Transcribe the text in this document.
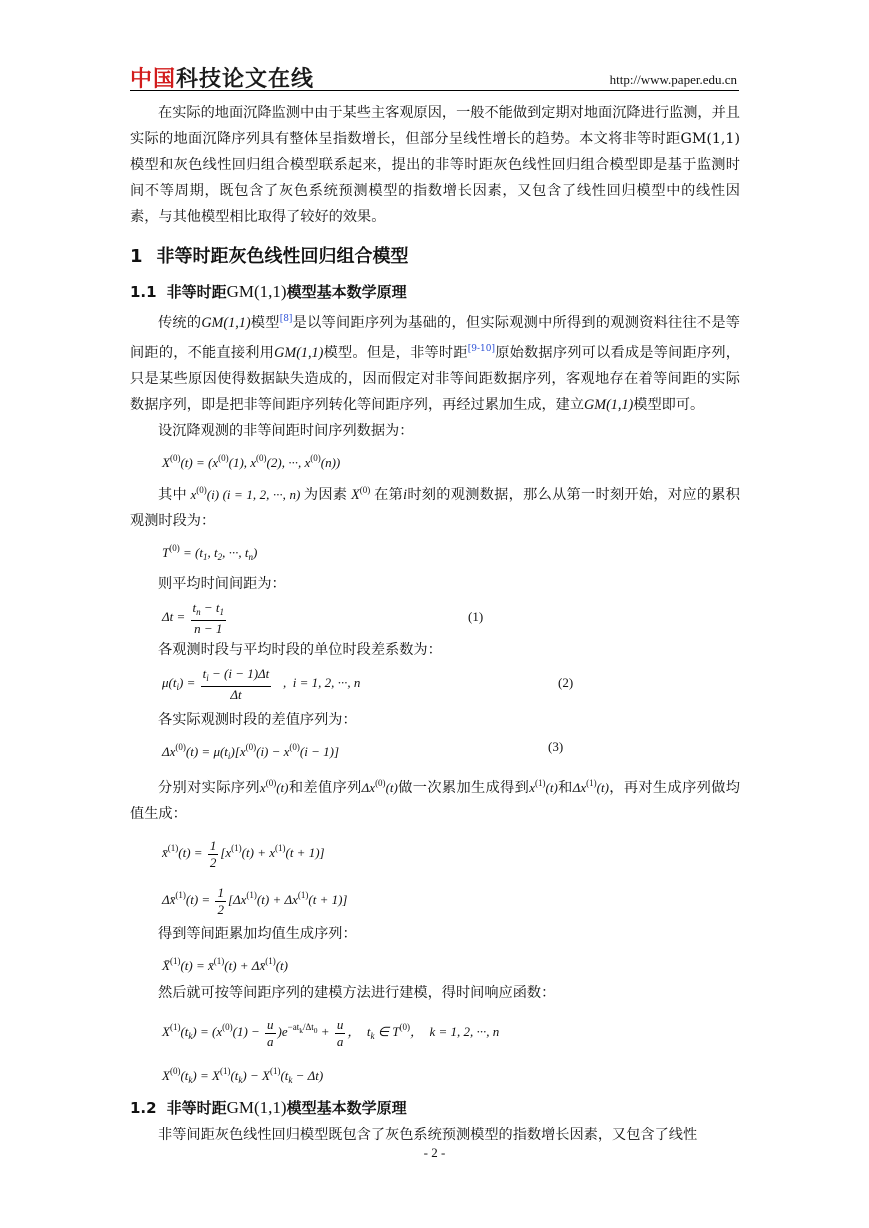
中国科技论文在线	http://www.paper.edu.cn

在实际的地面沉降监测中由于某些主客观原因，一般不能做到定期对地面沉降进行监测，并且实际的地面沉降序列具有整体呈指数增长，但部分呈线性增长的趋势。本文将非等时距GM(1,1)模型和灰色线性回归组合模型联系起来，提出的非等时距灰色线性回归组合模型即是基于监测时间不等周期，既包含了灰色系统预测模型的指数增长因素，又包含了线性回归模型中的线性因素，与其他模型相比取得了较好的效果。

1 非等时距灰色线性回归组合模型
1.1 非等时距GM(1,1)模型基本数学原理

传统的GM(1,1)模型[8]是以等间距序列为基础的，但实际观测中所得到的观测资料往往不是等间距的，不能直接利用GM(1,1)模型。但是，非等时距[9-10]原始数据序列可以看成是等间距序列，只是某些原因使得数据缺失造成的，因而假定对非等间距数据序列，客观地存在着等间距的实际数据序列，即是把非等间距序列转化等间距序列，再经过累加生成，建立GM(1,1)模型即可。

设沉降观测的非等间距时间序列数据为：

$X^{(0)}(t) = (x^{(0)}(1)$, $x^{(0)}(2)$, ···, $x^{(0)}(n)$)

其中 $x^{(0)}(i) (i = 1$, 2, ···, n) 为因素 $X^{(0)}$ 在第i时刻的观测数据，那么从第一时刻开始，对应的累积观测时段为：

$T^{(0)} = (t_1$, $t_2$, ···, $t_n$)

则平均时间间距为：

$\Delta t = \frac{t_n - t_1}{n - 1}$	(1)

各观测时段与平均时段的单位时段差系数为：

$\mu(t_i) = \frac{t_i - (i - 1)\Delta t}{\Delta t}$ ,  i = 1, 2, ···, n	(2)

各实际观测时段的差值序列为：

$\Delta x^{(0)}(t) = \mu(t_i)[x^{(0)}(i) - x^{(0)}(i - 1)]$	(3)

分别对实际序列$x^{(0)}(t)$和差值序列$\Delta x^{(0)}(t)$做一次累加生成得到$x^{(1)}(t)$和$\Delta x^{(1)}(t)$，再对生成序列做均值生成：

x̄$^{(1)}$(t) = $\frac{1}{2} [x^{(1)}(t) + x^{(1)}(t + 1)]$
Δx̄$^{(1)}$(t) = $\frac{1}{2} [\Delta x^{(1)}(t) + \Delta x^{(1)}(t + 1)]$

得到等间距累加均值生成序列：

X̄$^{(1)}$(t) = x̄$^{(1)}$(t) + Δx̄$^{(1)}$(t)

然后就可按等间距序列的建模方法进行建模，得时间响应函数：

$X^{(1)}(t_k) = (x^{(0)}(1) - \frac{u}{a} )e^{-at_k/\Delta t_0} + \frac{u}{a}$ ，  $t_k$ ∈ $T^{(0)}$，  k = 1, 2, ···, n
$X^{(0)}(t_k) = X^{(1)}(t_k) - X^{(1)}(t_k - \Delta t)$
1.2 非等时距GM(1,1)模型基本数学原理

非等间距灰色线性回归模型既包含了灰色系统预测模型的指数增长因素，又包含了线性

- 2 -
